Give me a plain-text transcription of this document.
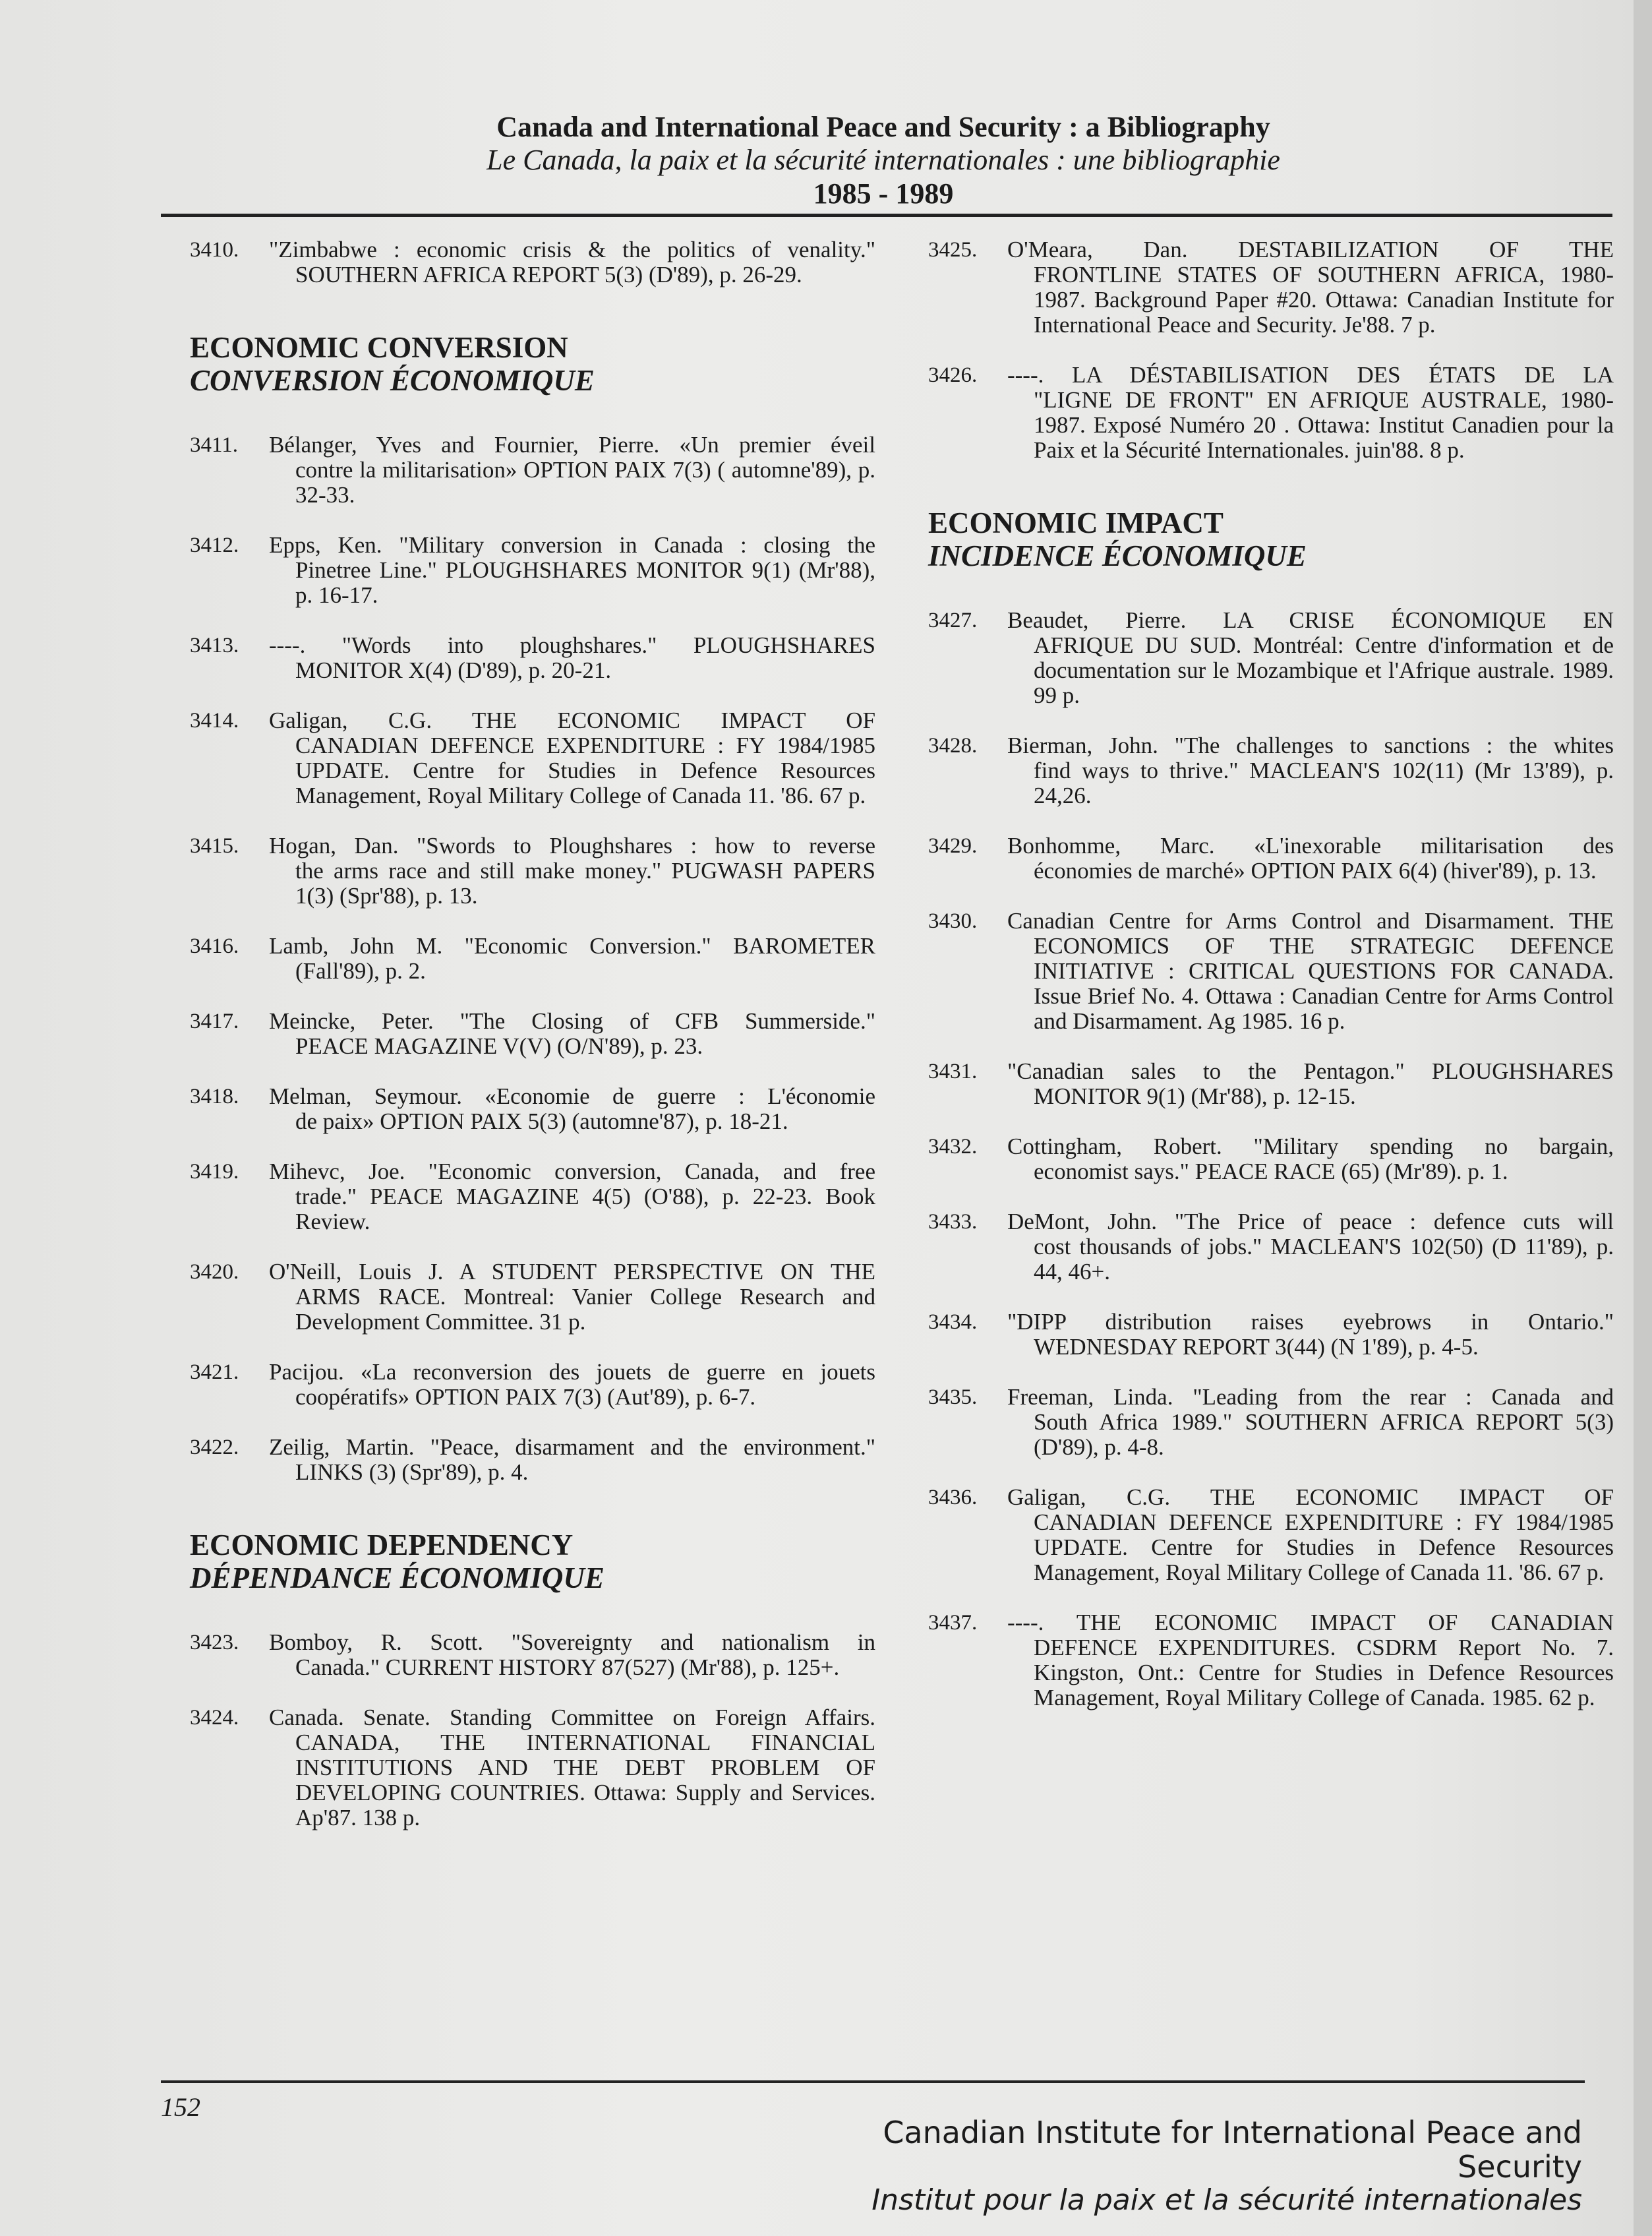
Canada and International Peace and Security : a Bibliography
Le Canada, la paix et la sécurité internationales : une bibliographie
1985 - 1989
3410. "Zimbabwe : economic crisis & the politics of venality."
SOUTHERN AFRICA REPORT 5(3) (D'89), p. 26-29.
ECONOMIC CONVERSION
CONVERSION ÉCONOMIQUE
3411. Bélanger, Yves and Fournier, Pierre. «Un premier éveil
contre la militarisation» OPTION PAIX 7(3) ( automne'89), p. 32-33.
3412. Epps, Ken. "Military conversion in Canada : closing the
Pinetree Line." PLOUGHSHARES MONITOR 9(1) (Mr'88), p. 16-17.
3413. ----. "Words into ploughshares." PLOUGHSHARES
MONITOR X(4) (D'89), p. 20-21.
3414. Galigan, C.G. THE ECONOMIC IMPACT OF
CANADIAN DEFENCE EXPENDITURE : FY 1984/1985 UPDATE. Centre for Studies in Defence Resources Management, Royal Military College of Canada 11. '86. 67 p.
3415. Hogan, Dan. "Swords to Ploughshares : how to reverse
the arms race and still make money." PUGWASH PAPERS 1(3) (Spr'88), p. 13.
3416. Lamb, John M. "Economic Conversion." BAROMETER
(Fall'89), p. 2.
3417. Meincke, Peter. "The Closing of CFB Summerside."
PEACE MAGAZINE V(V) (O/N'89), p. 23.
3418. Melman, Seymour. «Economie de guerre : L'économie
de paix» OPTION PAIX 5(3) (automne'87), p. 18-21.
3419. Mihevc, Joe. "Economic conversion, Canada, and free
trade." PEACE MAGAZINE 4(5) (O'88), p. 22-23. Book Review.
3420. O'Neill, Louis J. A STUDENT PERSPECTIVE ON THE
ARMS RACE. Montreal: Vanier College Research and Development Committee. 31 p.
3421. Pacijou. «La reconversion des jouets de guerre en jouets
coopératifs» OPTION PAIX 7(3) (Aut'89), p. 6-7.
3422. Zeilig, Martin. "Peace, disarmament and the environment."
LINKS (3) (Spr'89), p. 4.
ECONOMIC DEPENDENCY
DÉPENDANCE ÉCONOMIQUE
3423. Bomboy, R. Scott. "Sovereignty and nationalism in
Canada." CURRENT HISTORY 87(527) (Mr'88), p. 125+.
3424. Canada. Senate. Standing Committee on Foreign Affairs.
CANADA, THE INTERNATIONAL FINANCIAL INSTITUTIONS AND THE DEBT PROBLEM OF DEVELOPING COUNTRIES. Ottawa: Supply and Services. Ap'87. 138 p.
3425. O'Meara, Dan. DESTABILIZATION OF THE
FRONTLINE STATES OF SOUTHERN AFRICA, 1980-1987. Background Paper #20. Ottawa: Canadian Institute for International Peace and Security. Je'88. 7 p.
3426. ----. LA DÉSTABILISATION DES ÉTATS DE LA
"LIGNE DE FRONT" EN AFRIQUE AUSTRALE, 1980-1987. Exposé Numéro 20 . Ottawa: Institut Canadien pour la Paix et la Sécurité Internationales. juin'88. 8 p.
ECONOMIC IMPACT
INCIDENCE ÉCONOMIQUE
3427. Beaudet, Pierre. LA CRISE ÉCONOMIQUE EN
AFRIQUE DU SUD. Montréal: Centre d'information et de documentation sur le Mozambique et l'Afrique australe. 1989. 99 p.
3428. Bierman, John. "The challenges to sanctions : the whites
find ways to thrive." MACLEAN'S 102(11) (Mr 13'89), p. 24,26.
3429. Bonhomme, Marc. «L'inexorable militarisation des
économies de marché» OPTION PAIX 6(4) (hiver'89), p. 13.
3430. Canadian Centre for Arms Control and Disarmament. THE
ECONOMICS OF THE STRATEGIC DEFENCE INITIATIVE : CRITICAL QUESTIONS FOR CANADA. Issue Brief No. 4. Ottawa : Canadian Centre for Arms Control and Disarmament. Ag 1985. 16 p.
3431. "Canadian sales to the Pentagon." PLOUGHSHARES
MONITOR 9(1) (Mr'88), p. 12-15.
3432. Cottingham, Robert. "Military spending no bargain,
economist says." PEACE RACE (65) (Mr'89). p. 1.
3433. DeMont, John. "The Price of peace : defence cuts will
cost thousands of jobs." MACLEAN'S 102(50) (D 11'89), p. 44, 46+.
3434. "DIPP distribution raises eyebrows in Ontario."
WEDNESDAY REPORT 3(44) (N 1'89), p. 4-5.
3435. Freeman, Linda. "Leading from the rear : Canada and
South Africa 1989." SOUTHERN AFRICA REPORT 5(3) (D'89), p. 4-8.
3436. Galigan, C.G. THE ECONOMIC IMPACT OF
CANADIAN DEFENCE EXPENDITURE : FY 1984/1985 UPDATE. Centre for Studies in Defence Resources Management, Royal Military College of Canada 11. '86. 67 p.
3437. ----. THE ECONOMIC IMPACT OF CANADIAN
DEFENCE EXPENDITURES. CSDRM Report No. 7. Kingston, Ont.: Centre for Studies in Defence Resources Management, Royal Military College of Canada. 1985. 62 p.
152
Canadian Institute for International Peace and Security
Institut pour la paix et la sécurité internationales
